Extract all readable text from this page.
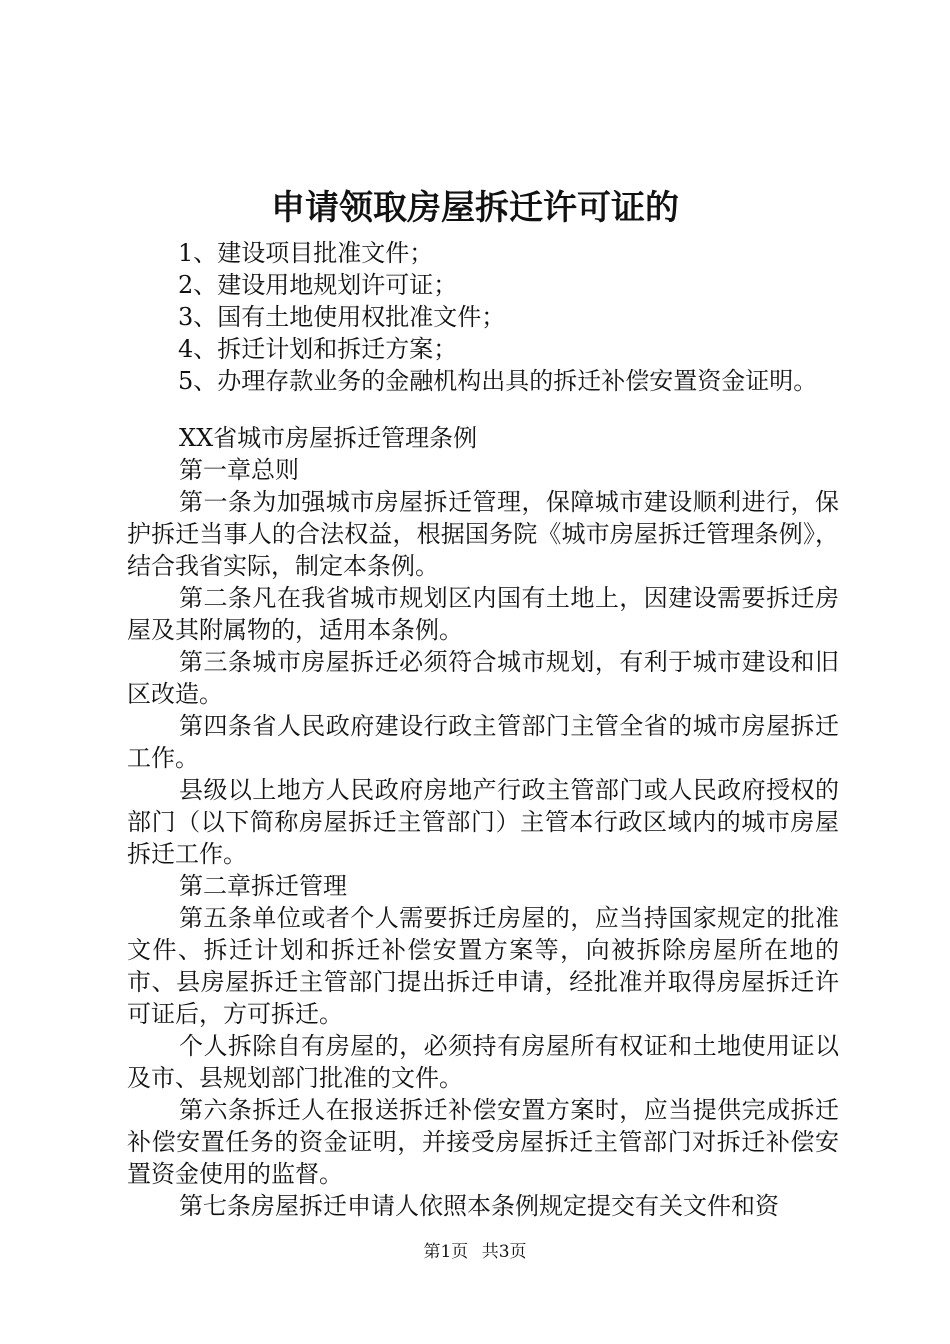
申请领取房屋拆迁许可证的
1、建设项目批准文件；
2、建设用地规划许可证；
3、国有土地使用权批准文件；
4、拆迁计划和拆迁方案；
5、办理存款业务的金融机构出具的拆迁补偿安置资金证明。
XX省城市房屋拆迁管理条例
第一章总则
第一条为加强城市房屋拆迁管理，保障城市建设顺利进行，保护拆迁当事人的合法权益，根据国务院《城市房屋拆迁管理条例》，结合我省实际，制定本条例。
第二条凡在我省城市规划区内国有土地上，因建设需要拆迁房屋及其附属物的，适用本条例。
第三条城市房屋拆迁必须符合城市规划，有利于城市建设和旧区改造。
第四条省人民政府建设行政主管部门主管全省的城市房屋拆迁工作。
县级以上地方人民政府房地产行政主管部门或人民政府授权的部门（以下简称房屋拆迁主管部门）主管本行政区域内的城市房屋拆迁工作。
第二章拆迁管理
第五条单位或者个人需要拆迁房屋的，应当持国家规定的批准文件、拆迁计划和拆迁补偿安置方案等，向被拆除房屋所在地的市、县房屋拆迁主管部门提出拆迁申请，经批准并取得房屋拆迁许可证后，方可拆迁。
个人拆除自有房屋的，必须持有房屋所有权证和土地使用证以及市、县规划部门批准的文件。
第六条拆迁人在报送拆迁补偿安置方案时，应当提供完成拆迁补偿安置任务的资金证明，并接受房屋拆迁主管部门对拆迁补偿安置资金使用的监督。
第七条房屋拆迁申请人依照本条例规定提交有关文件和资
第1页 共3页
